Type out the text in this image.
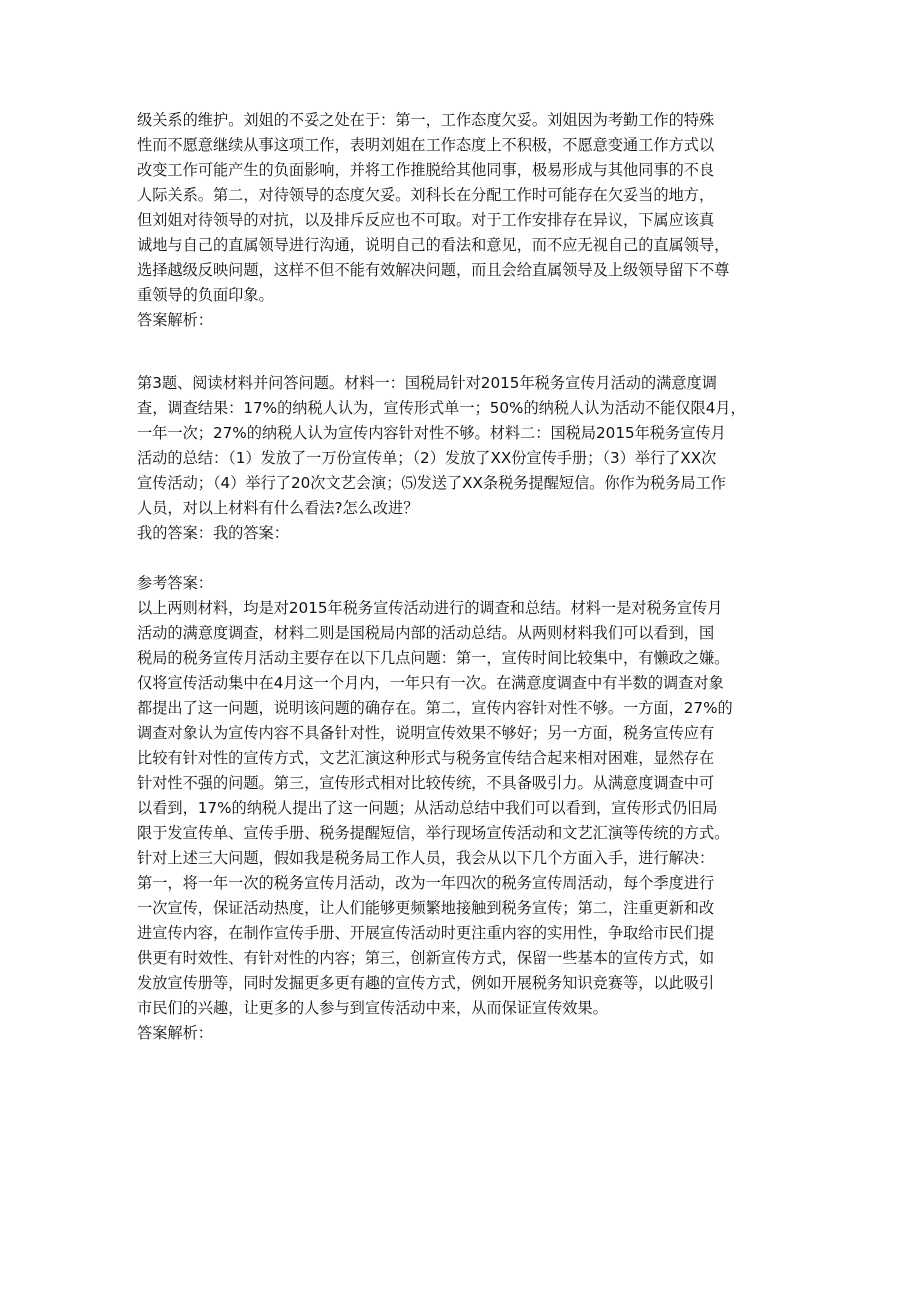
级关系的维护。刘姐的不妥之处在于：第一，工作态度欠妥。刘姐因为考勤工作的特殊
性而不愿意继续从事这项工作，表明刘姐在工作态度上不积极，不愿意变通工作方式以
改变工作可能产生的负面影响，并将工作推脱给其他同事，极易形成与其他同事的不良
人际关系。第二，对待领导的态度欠妥。刘科长在分配工作时可能存在欠妥当的地方，
但刘姐对待领导的对抗，以及排斥反应也不可取。对于工作安排存在异议，下属应该真
诚地与自己的直属领导进行沟通，说明自己的看法和意见，而不应无视自己的直属领导，
选择越级反映问题，这样不但不能有效解决问题，而且会给直属领导及上级领导留下不尊
重领导的负面印象。
答案解析：
第3题、阅读材料并问答问题。材料一：国税局针对2015年税务宣传月活动的满意度调
查，调查结果：17%的纳税人认为，宣传形式单一；50%的纳税人认为活动不能仅限4月，
一年一次；27%的纳税人认为宣传内容针对性不够。材料二：国税局2015年税务宣传月
活动的总结：（1）发放了一万份宣传单；（2）发放了XX份宣传手册；（3）举行了XX次
宣传活动；（4）举行了20次文艺会演；⑸发送了XX条税务提醒短信。你作为税务局工作
人员，对以上材料有什么看法?怎么改进？
我的答案：我的答案：
参考答案：
以上两则材料，均是对2015年税务宣传活动进行的调查和总结。材料一是对税务宣传月
活动的满意度调查，材料二则是国税局内部的活动总结。从两则材料我们可以看到，国
税局的税务宣传月活动主要存在以下几点问题：第一，宣传时间比较集中，有懒政之嫌。
仅将宣传活动集中在4月这一个月内，一年只有一次。在满意度调查中有半数的调查对象
都提出了这一问题，说明该问题的确存在。第二，宣传内容针对性不够。一方面，27%的
调查对象认为宣传内容不具备针对性，说明宣传效果不够好；另一方面，税务宣传应有
比较有针对性的宣传方式，文艺汇演这种形式与税务宣传结合起来相对困难，显然存在
针对性不强的问题。第三，宣传形式相对比较传统，不具备吸引力。从满意度调查中可
以看到，17%的纳税人提出了这一问题；从活动总结中我们可以看到，宣传形式仍旧局
限于发宣传单、宣传手册、税务提醒短信，举行现场宣传活动和文艺汇演等传统的方式。
针对上述三大问题，假如我是税务局工作人员，我会从以下几个方面入手，进行解决：
第一，将一年一次的税务宣传月活动，改为一年四次的税务宣传周活动，每个季度进行
一次宣传，保证活动热度，让人们能够更频繁地接触到税务宣传；第二，注重更新和改
进宣传内容，在制作宣传手册、开展宣传活动时更注重内容的实用性，争取给市民们提
供更有时效性、有针对性的内容；第三，创新宣传方式，保留一些基本的宣传方式，如
发放宣传册等，同时发掘更多更有趣的宣传方式，例如开展税务知识竞赛等，以此吸引
市民们的兴趣，让更多的人参与到宣传活动中来，从而保证宣传效果。
答案解析：
